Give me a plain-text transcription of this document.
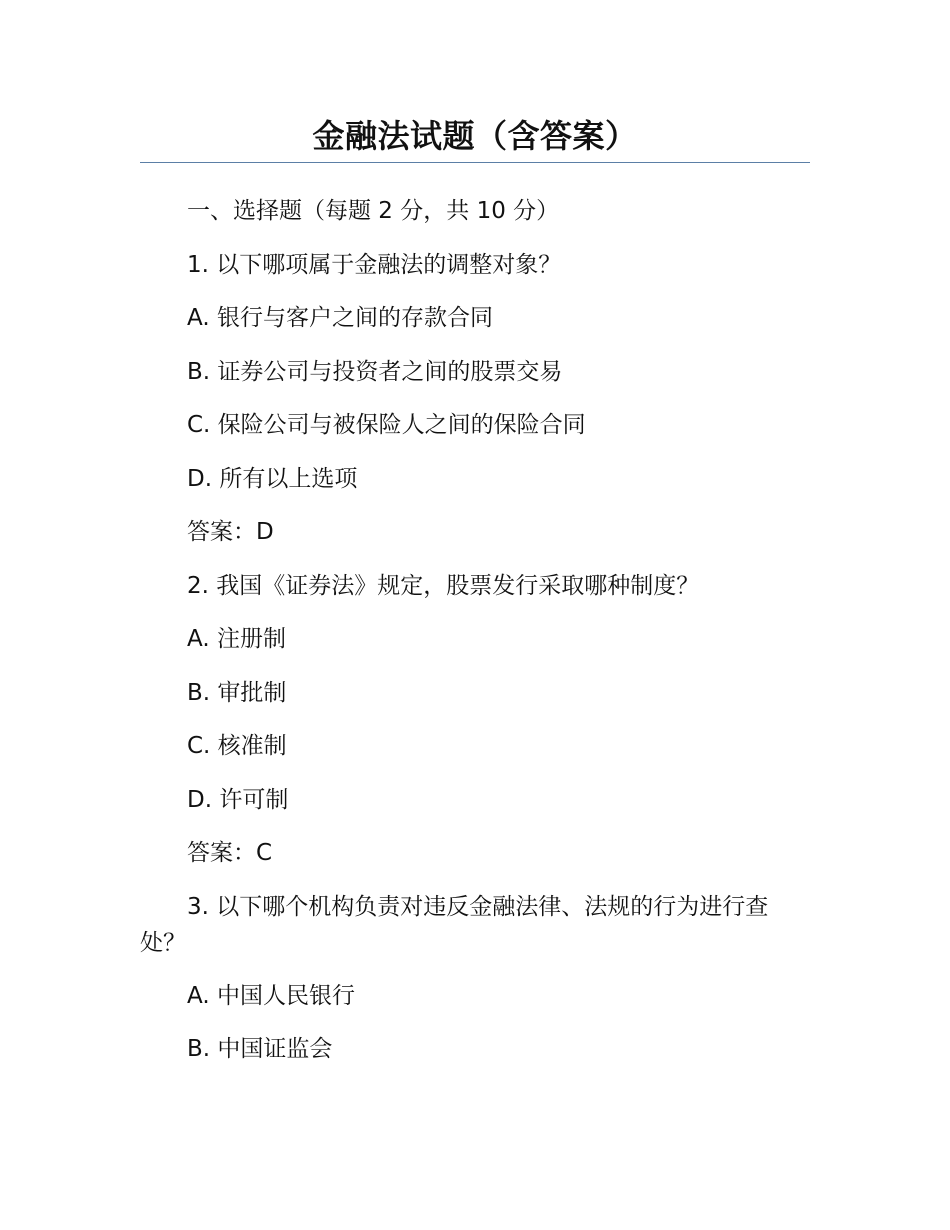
金融法试题（含答案）

一、选择题（每题 2 分，共 10 分）

1. 以下哪项属于金融法的调整对象？

A. 银行与客户之间的存款合同

B. 证券公司与投资者之间的股票交易

C. 保险公司与被保险人之间的保险合同

D. 所有以上选项

答案：D

2. 我国《证券法》规定，股票发行采取哪种制度？

A. 注册制

B. 审批制

C. 核准制

D. 许可制

答案：C

3. 以下哪个机构负责对违反金融法律、法规的行为进行查处？

A. 中国人民银行

B. 中国证监会
